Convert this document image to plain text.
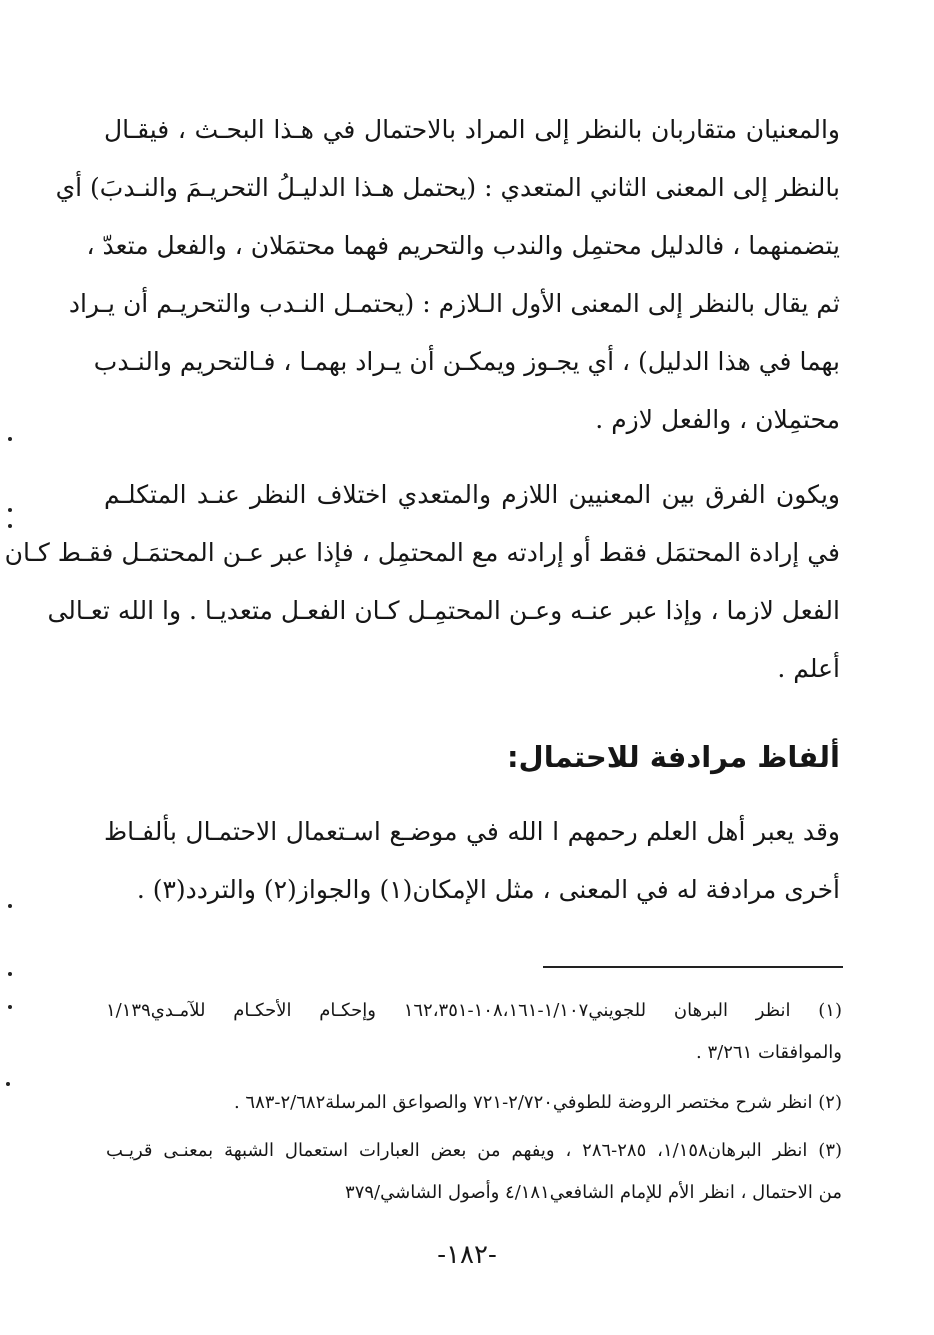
والمعنيان متقاربان بالنظر إلى المراد بالاحتمال في هـذا البحـث ، فيقـال
بالنظر إلى المعنى الثاني المتعدي : (يحتمل هـذا الدليـلُ التحريـمَ والنـدبَ) أي
يتضمنهما ، فالدليل محتمِل والندب والتحريم فهما محتمَلان ، والفعل متعدّ ،
ثم يقال بالنظر إلى المعنى الأول الـلازم : (يحتمـل النـدب والتحريـم أن يـراد
بهما في هذا الدليل) ، أي يجـوز ويمكـن أن يـراد بهمـا ، فـالتحريم والنـدب
محتمِلان ، والفعل لازم .
ويكون الفرق بين المعنيين اللازم والمتعدي اختلاف النظر عنـد المتكلـم
في إرادة المحتمَل فقط أو إرادته مع المحتمِل ، فإذا عبر عـن المحتمَـل فقـط كـان
الفعل لازما ، وإذا عبر عنـه وعـن المحتمِـل كـان الفعـل متعديـا . وا الله تعـالى
أعلم .
ألفاظ مرادفة للاحتمال:
وقد يعبر أهل العلم رحمهم ا الله في موضـع اسـتعمال الاحتمـال بألفـاظ
أخرى مرادفة له في المعنى ، مثل الإمكان(١) والجواز(٢) والتردد(٣) .
(١) انظر البرهان للجويني١/١٠٧-١٠٨،١٦١-١٦٢،٣٥١ وإحكـام الأحكـام للآمـدي١/١٣٩
والموافقات ٣/٢٦١ .
(٢) انظر شرح مختصر الروضة للطوفي٢/٧٢٠-٧٢١ والصواعق المرسلة٢/٦٨٢-٦٨٣ .
(٣) انظر البرهان١/١٥٨، ٢٨٥-٢٨٦ ، ويفهم من بعض العبارات استعمال الشبهة بمعنـى قريـب
من الاحتمال ، انظر الأم للإمام الشافعي٤/١٨١ وأصول الشاشي/٣٧٩
-١٨٢-
